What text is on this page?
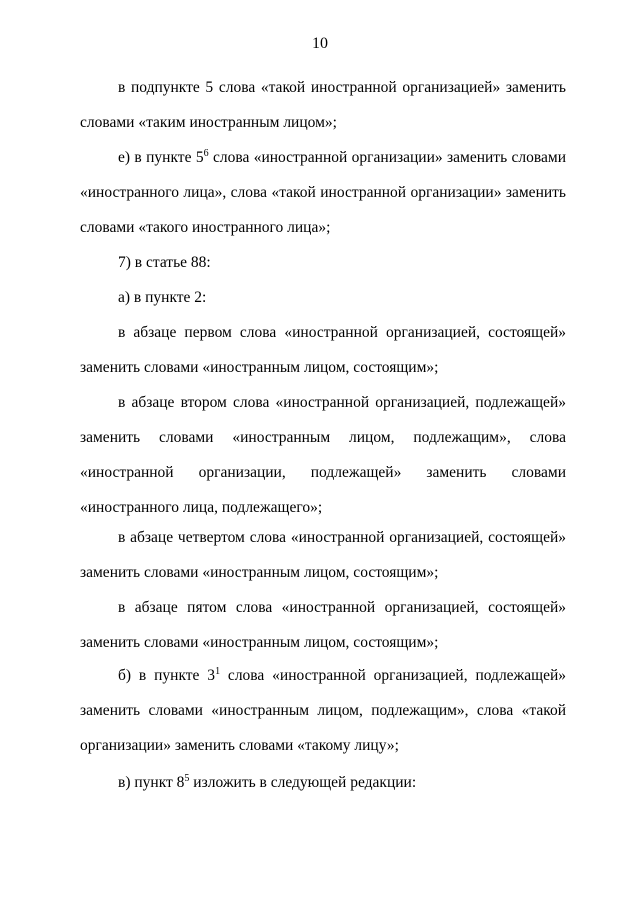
10
в подпункте 5 слова «такой иностранной организацией» заменить
словами «таким иностранным лицом»;
е) в пункте $5^6$ слова «иностранной организации» заменить словами
«иностранного лица», слова «такой иностранной организации» заменить
словами «такого иностранного лица»;
7) в статье 88:
а) в пункте 2:
в абзаце первом слова «иностранной организацией, состоящей»
заменить словами «иностранным лицом, состоящим»;
в абзаце втором слова «иностранной организацией, подлежащей»
заменить словами «иностранным лицом, подлежащим», слова
«иностранной организации, подлежащей» заменить словами
«иностранного лица, подлежащего»;
в абзаце четвертом слова «иностранной организацией, состоящей»
заменить словами «иностранным лицом, состоящим»;
в абзаце пятом слова «иностранной организацией, состоящей»
заменить словами «иностранным лицом, состоящим»;
б) в пункте $3^1$ слова «иностранной организацией, подлежащей»
заменить словами «иностранным лицом, подлежащим», слова «такой
организации» заменить словами «такому лицу»;
в) пункт $8^5$ изложить в следующей редакции:
